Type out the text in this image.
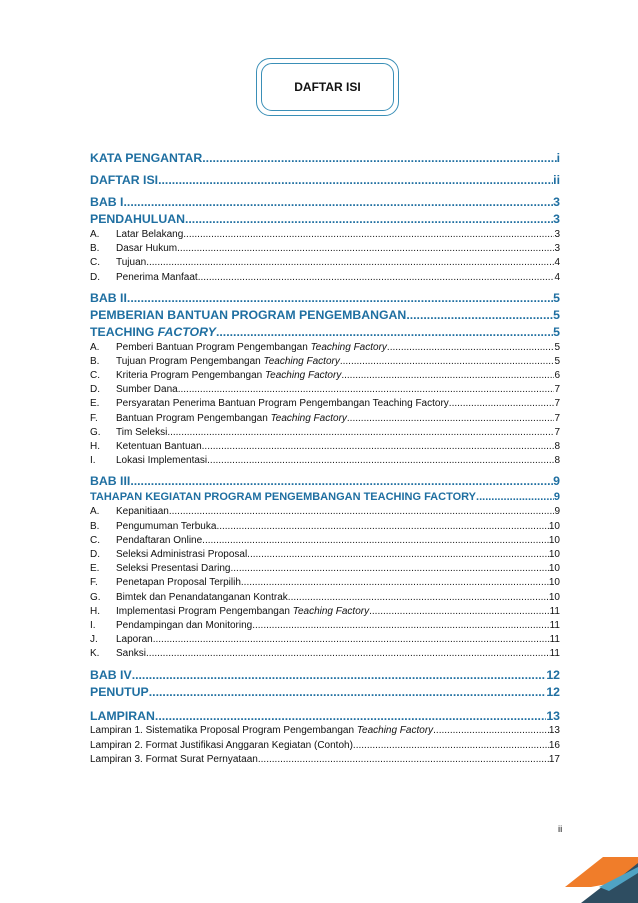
DAFTAR ISI
KATA PENGANTAR .....	i
DAFTAR ISI .....	ii
BAB I .....	3
PENDAHULUAN .....	3
A. Latar Belakang .....	3
B. Dasar Hukum .....	3
C. Tujuan .....	4
D. Penerima Manfaat .....	4
BAB II .....	5
PEMBERIAN BANTUAN PROGRAM PENGEMBANGAN .....	5
TEACHING FACTORY .....	5
A. Pemberi Bantuan Program Pengembangan Teaching Factory .....	5
B. Tujuan Program Pengembangan Teaching Factory .....	5
C. Kriteria Program Pengembangan Teaching Factory .....	6
D. Sumber Dana .....	7
E. Persyaratan Penerima Bantuan Program Pengembangan Teaching Factory .....	7
F. Bantuan Program Pengembangan Teaching Factory .....	7
G. Tim Seleksi .....	7
H. Ketentuan Bantuan .....	8
I. Lokasi Implementasi .....	8
BAB III .....	9
TAHAPAN KEGIATAN PROGRAM PENGEMBANGAN TEACHING FACTORY .....	9
A. Kepanitiaan .....	9
B. Pengumuman Terbuka .....	10
C. Pendaftaran Online .....	10
D. Seleksi Administrasi Proposal .....	10
E. Seleksi Presentasi Daring .....	10
F. Penetapan Proposal Terpilih .....	10
G. Bimtek dan Penandatanganan Kontrak .....	10
H. Implementasi Program Pengembangan Teaching Factory .....	11
I. Pendampingan dan Monitoring .....	11
J. Laporan .....	11
K. Sanksi .....	11
BAB IV .....	12
PENUTUP .....	12
LAMPIRAN .....	13
Lampiran 1. Sistematika Proposal Program Pengembangan Teaching Factory .....	13
Lampiran 2. Format Justifikasi Anggaran Kegiatan (Contoh) .....	16
Lampiran 3. Format Surat Pernyataan .....	17
ii
